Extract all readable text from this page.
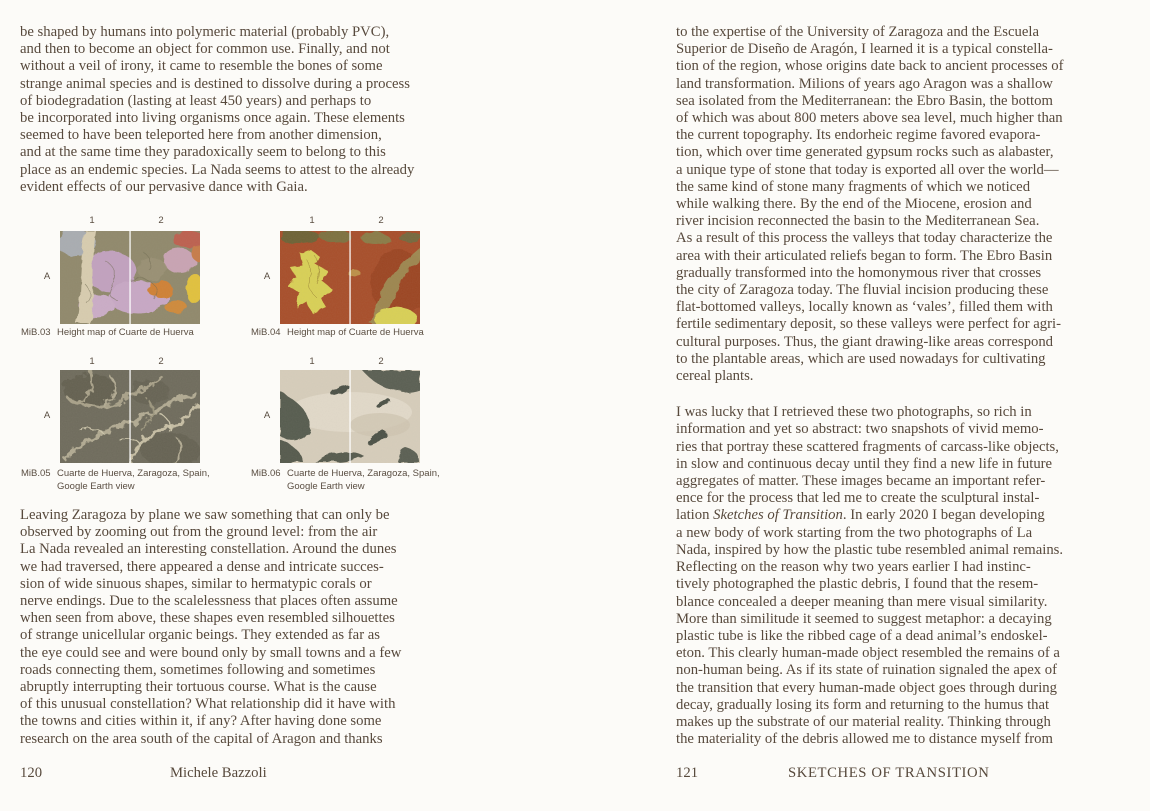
be shaped by humans into polymeric material (probably PVC),
and then to become an object for common use. Finally, and not
without a veil of irony, it came to resemble the bones of some
strange animal species and is destined to dissolve during a process
of biodegradation (lasting at least 450 years) and perhaps to
be incorporated into living organisms once again. These elements
seemed to have been teleported here from another dimension,
and at the same time they paradoxically seem to belong to this
place as an endemic species. La Nada seems to attest to the already
evident effects of our pervasive dance with Gaia.

1	2
A
MiB.03 Height map of Cuarte de Huerva
1	2
A
MiB.04 Height map of Cuarte de Huerva
1	2
A
MiB.05 Cuarte de Huerva, Zaragoza, Spain,
Google Earth view
1	2
A
MiB.06 Cuarte de Huerva, Zaragoza, Spain,
Google Earth view

Leaving Zaragoza by plane we saw something that can only be
observed by zooming out from the ground level: from the air
La Nada revealed an interesting constellation. Around the dunes
we had traversed, there appeared a dense and intricate succes-
sion of wide sinuous shapes, similar to hermatypic corals or
nerve endings. Due to the scalelessness that places often assume
when seen from above, these shapes even resembled silhouettes
of strange unicellular organic beings. They extended as far as
the eye could see and were bound only by small towns and a few
roads connecting them, sometimes following and sometimes
abruptly interrupting their tortuous course. What is the cause
of this unusual constellation? What relationship did it have with
the towns and cities within it, if any? After having done some
research on the area south of the capital of Aragon and thanks

to the expertise of the University of Zaragoza and the Escuela
Superior de Diseño de Aragón, I learned it is a typical constella-
tion of the region, whose origins date back to ancient processes of
land transformation. Milions of years ago Aragon was a shallow
sea isolated from the Mediterranean: the Ebro Basin, the bottom
of which was about 800 meters above sea level, much higher than
the current topography. Its endorheic regime favored evapora-
tion, which over time generated gypsum rocks such as alabaster,
a unique type of stone that today is exported all over the world—
the same kind of stone many fragments of which we noticed
while walking there. By the end of the Miocene, erosion and
river incision reconnected the basin to the Mediterranean Sea.
As a result of this process the valleys that today characterize the
area with their articulated reliefs began to form. The Ebro Basin
gradually transformed into the homonymous river that crosses
the city of Zaragoza today. The fluvial incision producing these
flat-bottomed valleys, locally known as ‘vales’, filled them with
fertile sedimentary deposit, so these valleys were perfect for agri-
cultural purposes. Thus, the giant drawing-like areas correspond
to the plantable areas, which are used nowadays for cultivating
cereal plants.

I was lucky that I retrieved these two photographs, so rich in
information and yet so abstract: two snapshots of vivid memo-
ries that portray these scattered fragments of carcass-like objects,
in slow and continuous decay until they find a new life in future
aggregates of matter. These images became an important refer-
ence for the process that led me to create the sculptural instal-
lation Sketches of Transition. In early 2020 I began developing
a new body of work starting from the two photographs of La
Nada, inspired by how the plastic tube resembled animal remains.
Reflecting on the reason why two years earlier I had instinc-
tively photographed the plastic debris, I found that the resem-
blance concealed a deeper meaning than mere visual similarity.
More than similitude it seemed to suggest metaphor: a decaying
plastic tube is like the ribbed cage of a dead animal’s endoskel-
eton. This clearly human-made object resembled the remains of a
non-human being. As if its state of ruination signaled the apex of
the transition that every human-made object goes through during
decay, gradually losing its form and returning to the humus that
makes up the substrate of our material reality. Thinking through
the materiality of the debris allowed me to distance myself from

120	Michele Bazzoli	121	SKETCHES OF TRANSITION
